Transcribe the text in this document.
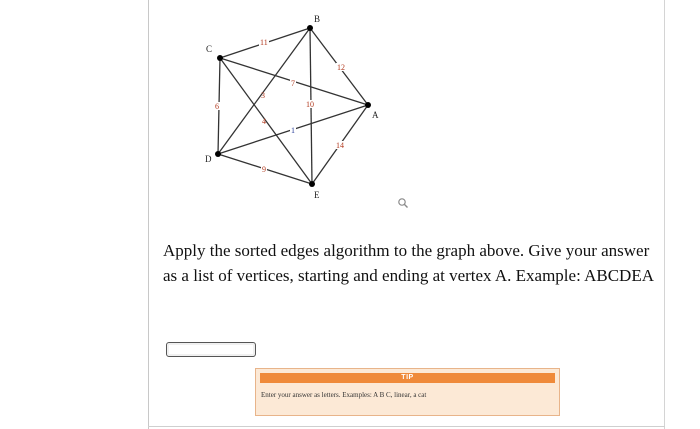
A
B
C
D
E
11
12
3
7
10
6
4
1
14
9
Apply the sorted edges algorithm to the graph above. Give your answer as a list of vertices, starting and ending at vertex A. Example: ABCDEA
TIP
Enter your answer as letters. Examples: A B C, linear, a cat
